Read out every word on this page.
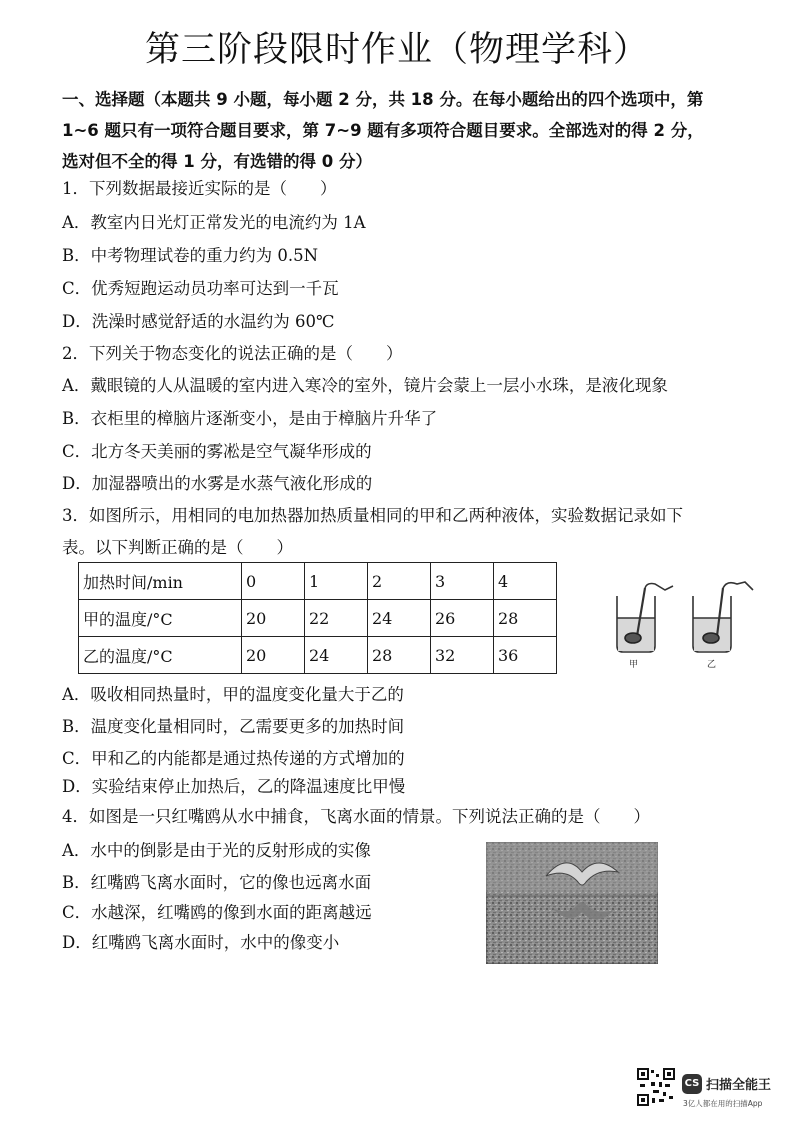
第三阶段限时作业（物理学科）
一、选择题（本题共 9 小题，每小题 2 分，共 18 分。在每小题给出的四个选项中，第
1~6 题只有一项符合题目要求，第 7~9 题有多项符合题目要求。全部选对的得 2 分，
选对但不全的得 1 分，有选错的得 0 分）
1．下列数据最接近实际的是（　　）
A．教室内日光灯正常发光的电流约为 1A
B．中考物理试卷的重力约为 0.5N
C．优秀短跑运动员功率可达到一千瓦
D．洗澡时感觉舒适的水温约为 60℃
2．下列关于物态变化的说法正确的是（　　）
A．戴眼镜的人从温暖的室内进入寒冷的室外，镜片会蒙上一层小水珠，是液化现象
B．衣柜里的樟脑片逐渐变小，是由于樟脑片升华了
C．北方冬天美丽的雾凇是空气凝华形成的
D．加湿器喷出的水雾是水蒸气液化形成的
3．如图所示，用相同的电加热器加热质量相同的甲和乙两种液体，实验数据记录如下
表。以下判断正确的是（　　）
加热时间/min	0	1	2	3	4
甲的温度/°C	20	22	24	26	28
乙的温度/°C	20	24	28	32	36
甲	乙
A．吸收相同热量时，甲的温度变化量大于乙的
B．温度变化量相同时，乙需要更多的加热时间
C．甲和乙的内能都是通过热传递的方式增加的
D．实验结束停止加热后，乙的降温速度比甲慢
4．如图是一只红嘴鸥从水中捕食，飞离水面的情景。下列说法正确的是（　　）
A．水中的倒影是由于光的反射形成的实像
B．红嘴鸥飞离水面时，它的像也远离水面
C．水越深，红嘴鸥的像到水面的距离越远
D．红嘴鸥飞离水面时，水中的像变小
CS 扫描全能王
3亿人都在用的扫描App
